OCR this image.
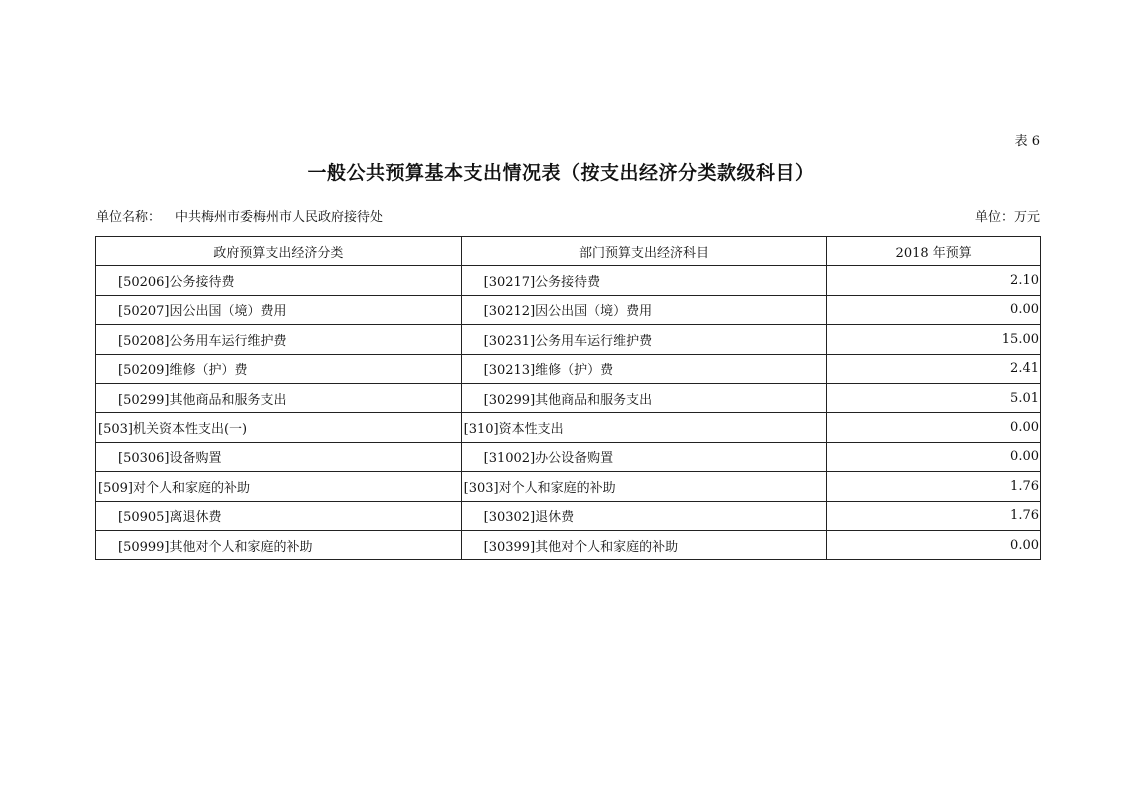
表 6
一般公共预算基本支出情况表（按支出经济分类款级科目）
单位名称： 中共梅州市委梅州市人民政府接待处	单位：万元
政府预算支出经济分类	部门预算支出经济科目	2018 年预算
[50206]公务接待费	[30217]公务接待费	2.10
[50207]因公出国（境）费用	[30212]因公出国（境）费用	0.00
[50208]公务用车运行维护费	[30231]公务用车运行维护费	15.00
[50209]维修（护）费	[30213]维修（护）费	2.41
[50299]其他商品和服务支出	[30299]其他商品和服务支出	5.01
[503]机关资本性支出(一)	[310]资本性支出	0.00
[50306]设备购置	[31002]办公设备购置	0.00
[509]对个人和家庭的补助	[303]对个人和家庭的补助	1.76
[50905]离退休费	[30302]退休费	1.76
[50999]其他对个人和家庭的补助	[30399]其他对个人和家庭的补助	0.00
